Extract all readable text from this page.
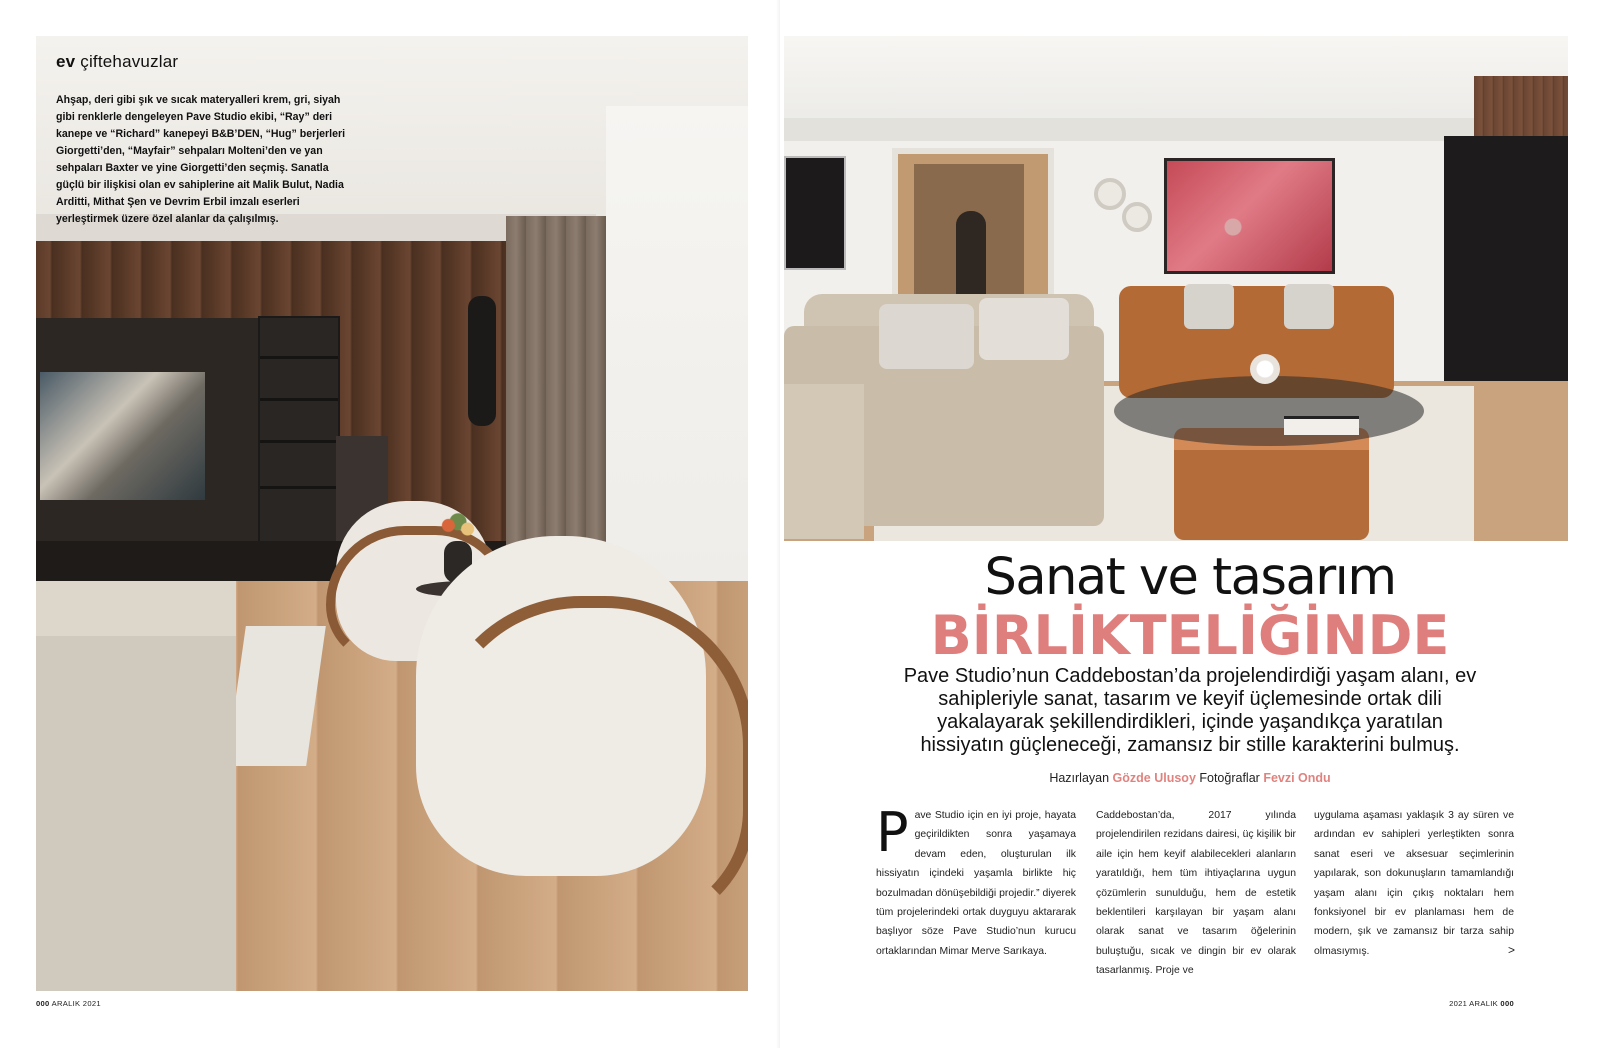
ev çiftehavuzlar

Ahşap, deri gibi şık ve sıcak materyalleri krem, gri, siyah gibi renklerle dengeleyen Pave Studio ekibi, “Ray” deri kanepe ve “Richard” kanepeyi B&B’DEN, “Hug” berjerleri Giorgetti’den, “Mayfair” sehpaları Molteni’den ve yan sehpaları Baxter ve yine Giorgetti’den seçmiş. Sanatla güçlü bir ilişkisi olan ev sahiplerine ait Malik Bulut, Nadia Arditti, Mithat Şen ve Devrim Erbil imzalı eserleri yerleştirmek üzere özel alanlar da çalışılmış.

000 ARALIK 2021
Sanat ve tasarım
BİRLİKTELİĞİNDE

Pave Studio’nun Caddebostan’da projelendirdiği yaşam alanı, ev sahipleriyle sanat, tasarım ve keyif üçlemesinde ortak dili yakalayarak şekillendirdikleri, içinde yaşandıkça yaratılan hissiyatın güçleneceği, zamansız bir stille karakterini bulmuş.

Hazırlayan Gözde Ulusoy Fotoğraflar Fevzi Ondu

Pave Studio için en iyi proje, hayata geçirildikten sonra yaşamaya devam eden, oluşturulan ilk hissiyatın içindeki yaşamla birlikte hiç bozulmadan dönüşebildiği projedir.” diyerek tüm projelerindeki ortak duyguyu aktararak başlıyor söze Pave Studio’nun kurucu ortaklarından Mimar Merve Sarıkaya.

Caddebostan’da, 2017 yılında projelendirilen rezidans dairesi, üç kişilik bir aile için hem keyif alabilecekleri alanların yaratıldığı, hem tüm ihtiyaçlarına uygun çözümlerin sunulduğu, hem de estetik beklentileri karşılayan bir yaşam alanı olarak sanat ve tasarım öğelerinin buluştuğu, sıcak ve dingin bir ev olarak tasarlanmış. Proje ve

uygulama aşaması yaklaşık 3 ay süren ve ardından ev sahipleri yerleştikten sonra sanat eseri ve aksesuar seçimlerinin yapılarak, son dokunuşların tamamlandığı yaşam alanı için çıkış noktaları hem fonksiyonel bir ev planlaması hem de modern, şık ve zamansız bir tarza sahip olmasıymış.	>
2021 ARALIK 000
